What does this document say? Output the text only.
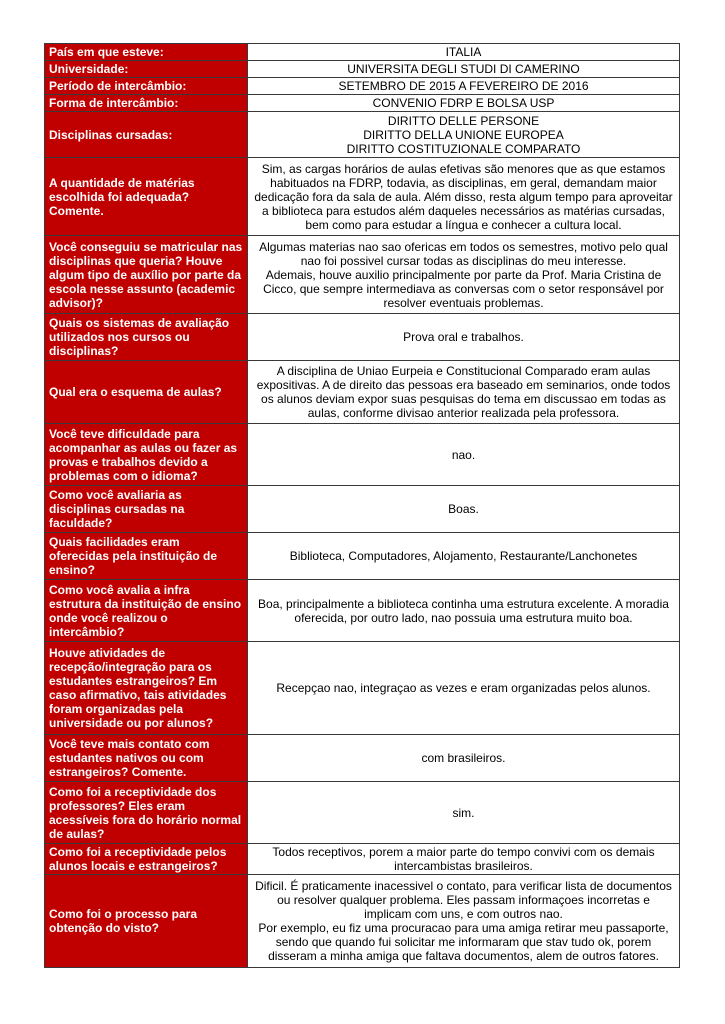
País em que esteve:	ITALIA
Universidade:	UNIVERSITA DEGLI STUDI DI CAMERINO
Período de intercâmbio:	SETEMBRO DE 2015 A FEVEREIRO DE 2016
Forma de intercâmbio:	CONVENIO FDRP E BOLSA USP
Disciplinas cursadas:	DIRITTO DELLE PERSONE
DIRITTO DELLA UNIONE EUROPEA
DIRITTO COSTITUZIONALE COMPARATO
A quantidade de matérias escolhida foi adequada? Comente.	Sim, as cargas horários de aulas efetivas são menores que as que estamos habituados na FDRP, todavia, as disciplinas, em geral, demandam maior dedicação fora da sala de aula. Além disso, resta algum tempo para aproveitar a biblioteca para estudos além daqueles necessários as matérias cursadas, bem como para estudar a língua e conhecer a cultura local.
Você conseguiu se matricular nas disciplinas que queria? Houve algum tipo de auxílio por parte da escola nesse assunto (academic advisor)?	Algumas materias nao sao ofericas em todos os semestres, motivo pelo qual nao foi possivel cursar todas as disciplinas do meu interesse.
Ademais, houve auxilio principalmente por parte da Prof. Maria Cristina de Cicco, que sempre intermediava as conversas com o setor responsável por resolver eventuais problemas.
Quais os sistemas de avaliação utilizados nos cursos ou disciplinas?	Prova oral e trabalhos.
Qual era o esquema de aulas?	A disciplina de Uniao Eurpeia e Constitucional Comparado eram aulas expositivas. A de direito das pessoas era baseado em seminarios, onde todos os alunos deviam expor suas pesquisas do tema em discussao em todas as aulas, conforme divisao anterior realizada pela professora.
Você teve dificuldade para acompanhar as aulas ou fazer as provas e trabalhos devido a problemas com o idioma?	nao.
Como você avaliaria as disciplinas cursadas na faculdade?	Boas.
Quais facilidades eram oferecidas pela instituição de ensino?	Biblioteca, Computadores, Alojamento, Restaurante/Lanchonetes
Como você avalia a infra estrutura da instituição de ensino onde você realizou o intercâmbio?	Boa, principalmente a biblioteca continha uma estrutura excelente. A moradia oferecida, por outro lado, nao possuia uma estrutura muito boa.
Houve atividades de recepção/integração para os estudantes estrangeiros? Em caso afirmativo, tais atividades foram organizadas pela universidade ou por alunos?	Recepçao nao, integraçao as vezes e eram organizadas pelos alunos.
Você teve mais contato com estudantes nativos ou com estrangeiros? Comente.	com brasileiros.
Como foi a receptividade dos professores? Eles eram acessíveis fora do horário normal de aulas?	sim.
Como foi a receptividade pelos alunos locais e estrangeiros?	Todos receptivos, porem a maior parte do tempo convivi com os demais intercambistas brasileiros.
Como foi o processo para obtenção do visto?	Dificil. É praticamente inacessivel o contato, para verificar lista de documentos ou resolver qualquer problema. Eles passam informaçoes incorretas e implicam com uns, e com outros nao.
Por exemplo, eu fiz uma procuracao para uma amiga retirar meu passaporte, sendo que quando fui solicitar me informaram que stav tudo ok, porem disseram a minha amiga que faltava documentos, alem de outros fatores.
